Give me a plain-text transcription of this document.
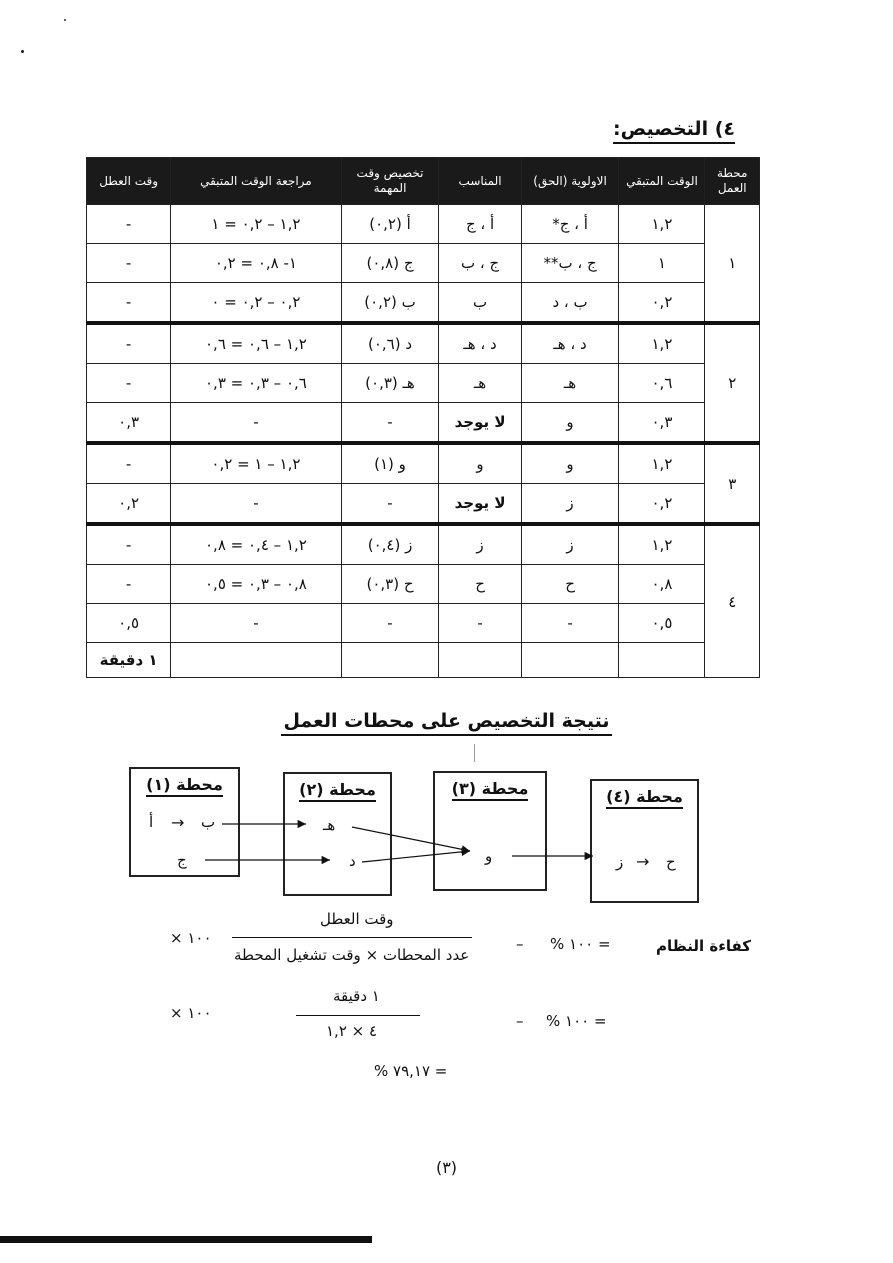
٤) التخصيص:
محطة العمل	الوقت المتبقي	الاولوية (الحق)	المناسب	تخصيص وقت المهمة	مراجعة الوقت المتبقي	وقت العطل
١	١,٢	أ ، ج*	أ ، ج	أ (٠,٢)	١,٢ – ٠,٢ = ١	-
	١	ج ، ب**	ج ، ب	ج (٠,٨)	١- ٠,٨ = ٠,٢	-
	٠,٢	ب ، د	ب	ب (٠,٢)	٠,٢ – ٠,٢ = ٠	-
٢	١,٢	د ، هـ	د ، هـ	د (٠,٦)	١,٢ – ٠,٦ = ٠,٦	-
	٠,٦	هـ	هـ	هـ (٠,٣)	٠,٦ – ٠,٣ = ٠,٣	-
	٠,٣	و	لا يوجد	-	-	٠,٣
٣	١,٢	و	و	و (١)	١,٢ – ١ = ٠,٢	-
	٠,٢	ز	لا يوجد	-	-	٠,٢
٤	١,٢	ز	ز	ز (٠,٤)	١,٢ – ٠,٤ = ٠,٨	-
	٠,٨	ح	ح	ح (٠,٣)	٠,٨ – ٠,٣ = ٠,٥	-
	٠,٥	-	-	-	-	٠,٥
						١ دقيقة
نتيجة التخصيص على محطات العمل
محطة (١)
أ → ب
ج
محطة (٢)
هـ
د
محطة (٣)
و
محطة (٤)
ز → ح
كفاءة النظام
= ١٠٠ %
–
وقت العطل
عدد المحطات × وقت تشغيل المحطة
١٠٠ ×
١ دقيقة
٤ × ١,٢
١٠٠ ×	– = ١٠٠ %
= ٧٩,١٧ %
(٣)
